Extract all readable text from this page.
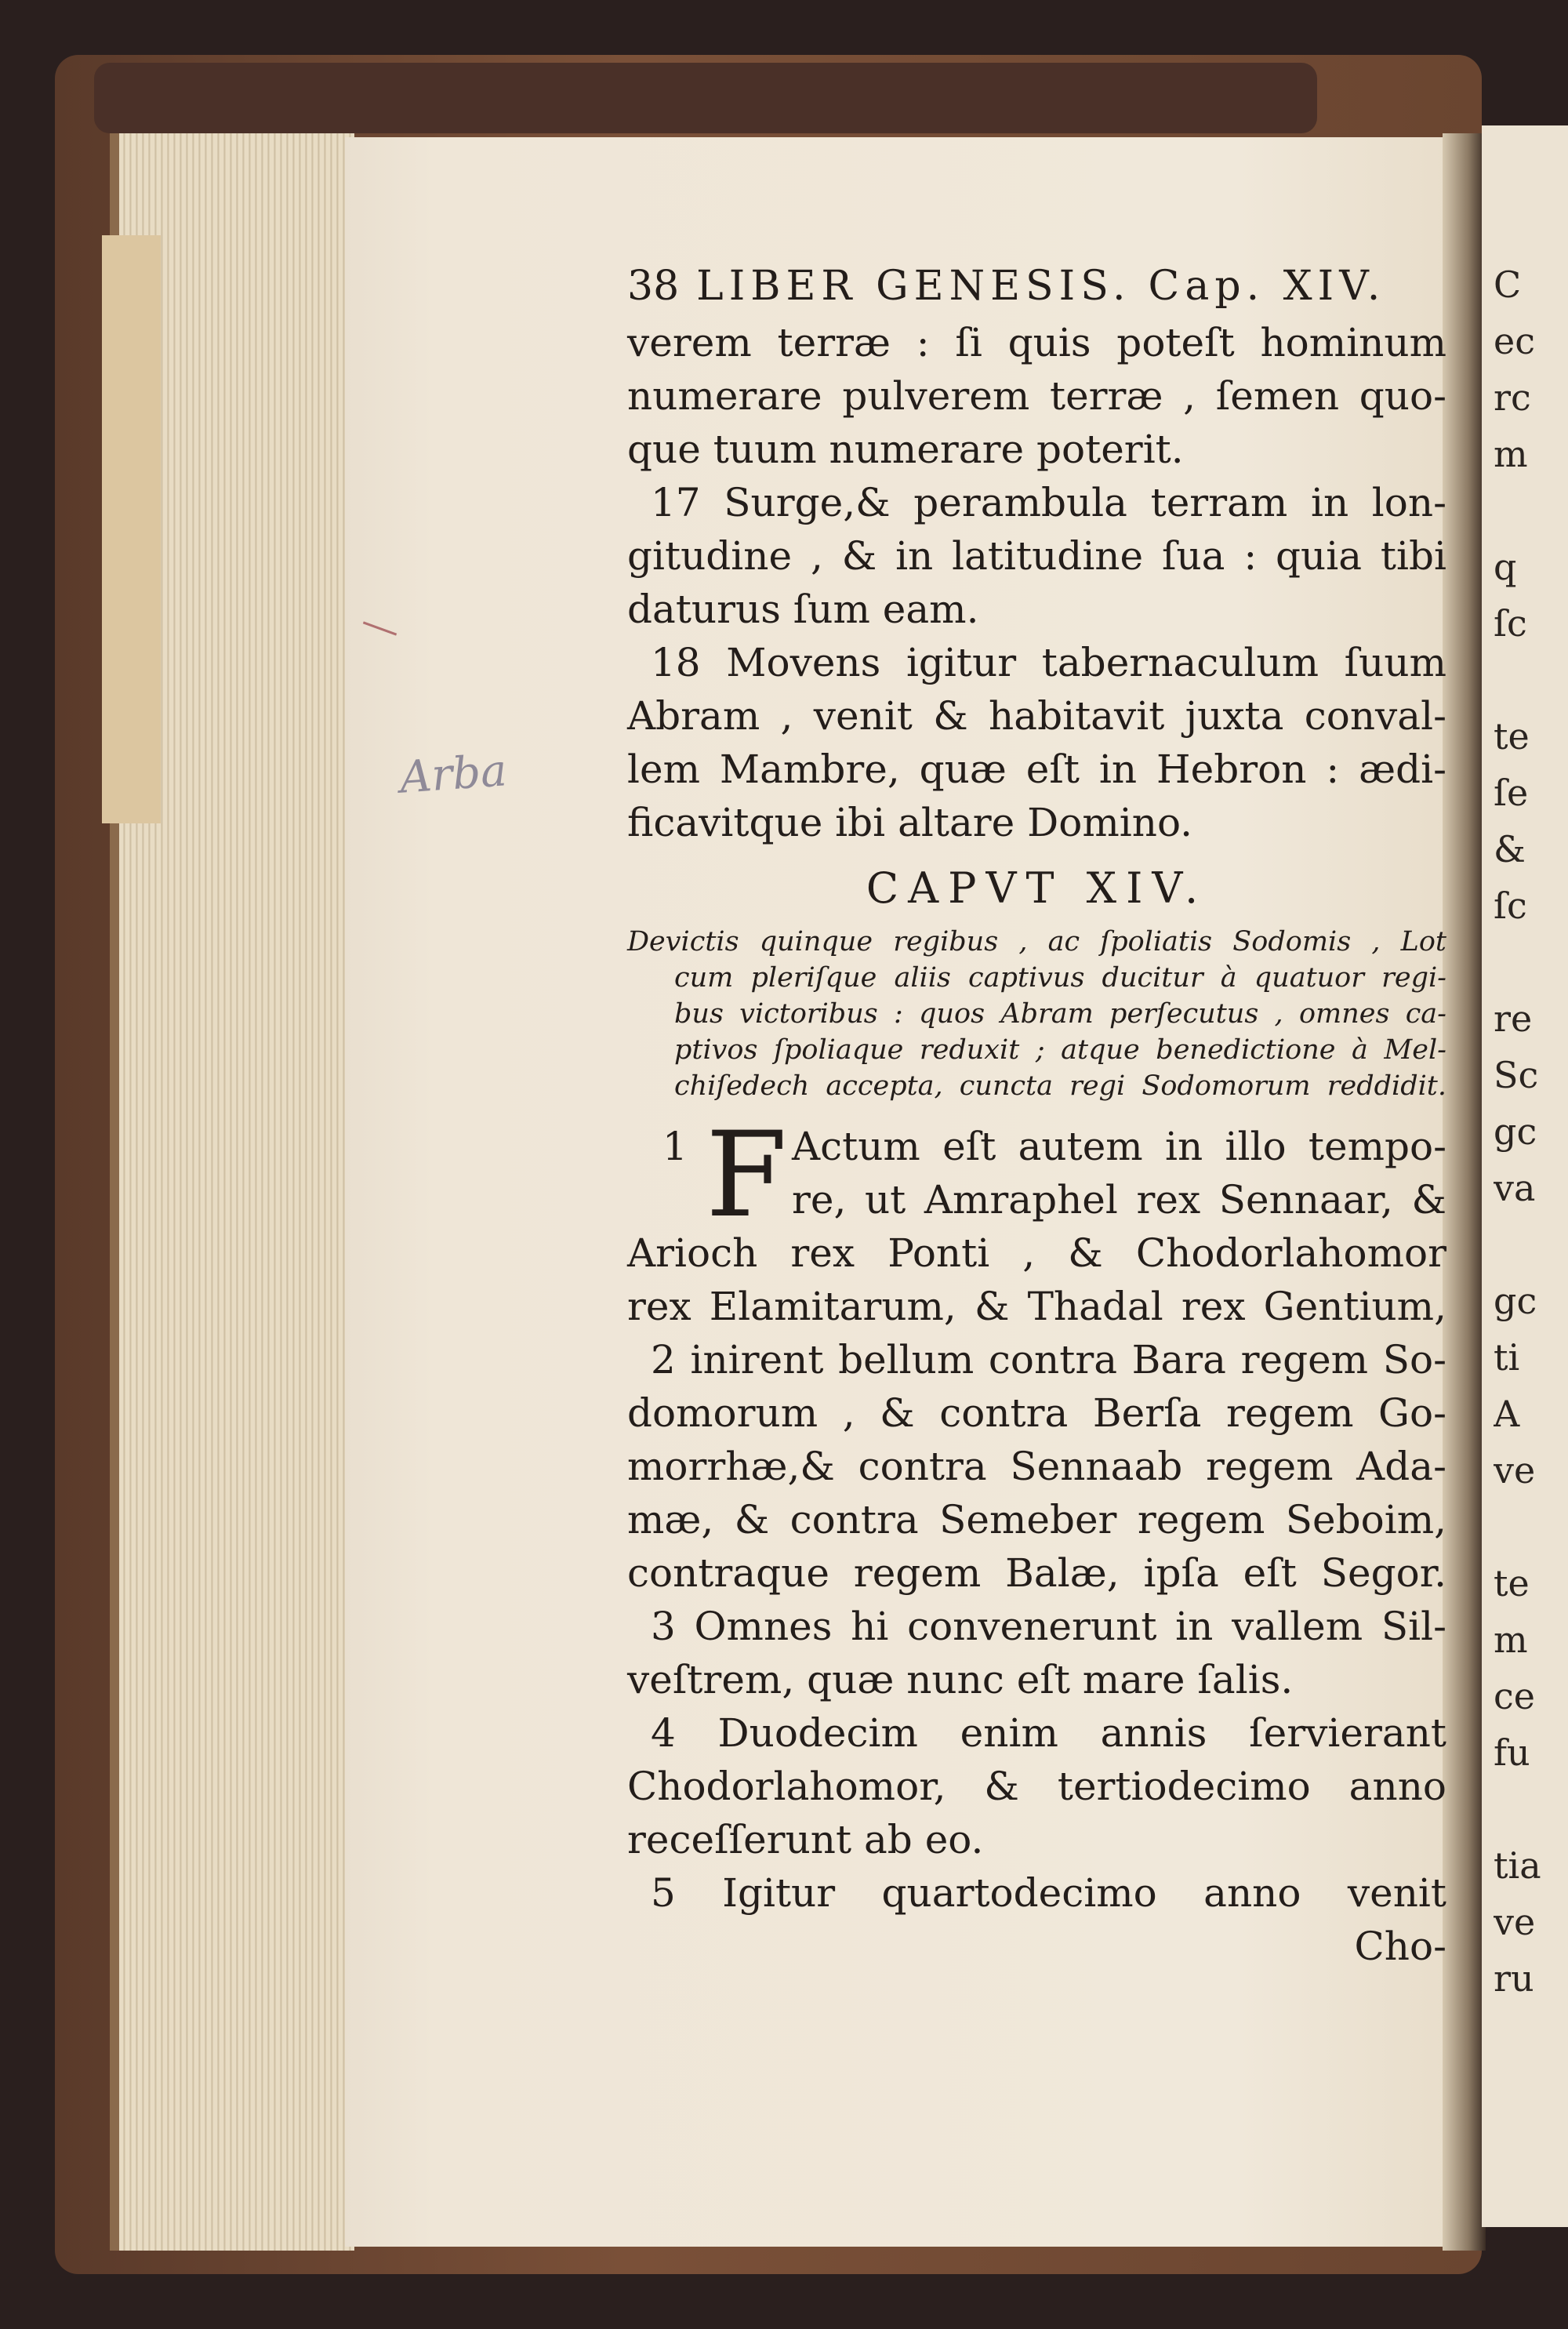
C
ec
rc
m
q
ſc
te
ſe
&
ſc
re
Sc
gc
va
gc
ti
A
ve
te
m
ce
fu
tia
ve
ru
Arba
38 LIBER GENESIS. Cap. XIV.
verem terræ : ſi quis poteſt hominum
numerare pulverem terræ , ſemen quo-
que tuum numerare poterit.
17 Surge,& perambula terram in lon-
gitudine , & in latitudine ſua : quia tibi
daturus ſum eam.
18 Movens igitur tabernaculum ſuum
Abram , venit & habitavit juxta conval-
lem Mambre, quæ eſt in Hebron : ædi-
ficavitque ibi altare Domino.
CAPVT XIV.
Devictis quinque regibus , ac ſpoliatis Sodomis , Lot
cum pleriſque aliis captivus ducitur à quatuor regi-
bus victoribus : quos Abram perſecutus , omnes ca-
ptivos ſpoliaque reduxit ; atque benedictione à Mel-
chiſedech accepta, cuncta regi Sodomorum reddidit.
1 F Actum eſt autem in illo tempo-
re, ut Amraphel rex Sennaar, &
Arioch rex Ponti , & Chodorlahomor
rex Elamitarum, & Thadal rex Gentium,
2 inirent bellum contra Bara regem So-
domorum , & contra Berſa regem Go-
morrhæ,& contra Sennaab regem Ada-
mæ, & contra Semeber regem Seboim,
contraque regem Balæ, ipſa eſt Segor.
3 Omnes hi convenerunt in vallem Sil-
veſtrem, quæ nunc eſt mare ſalis.
4 Duodecim enim annis ſervierant
Chodorlahomor, & tertiodecimo anno
receſſerunt ab eo.
5 Igitur quartodecimo anno venit
Cho-
